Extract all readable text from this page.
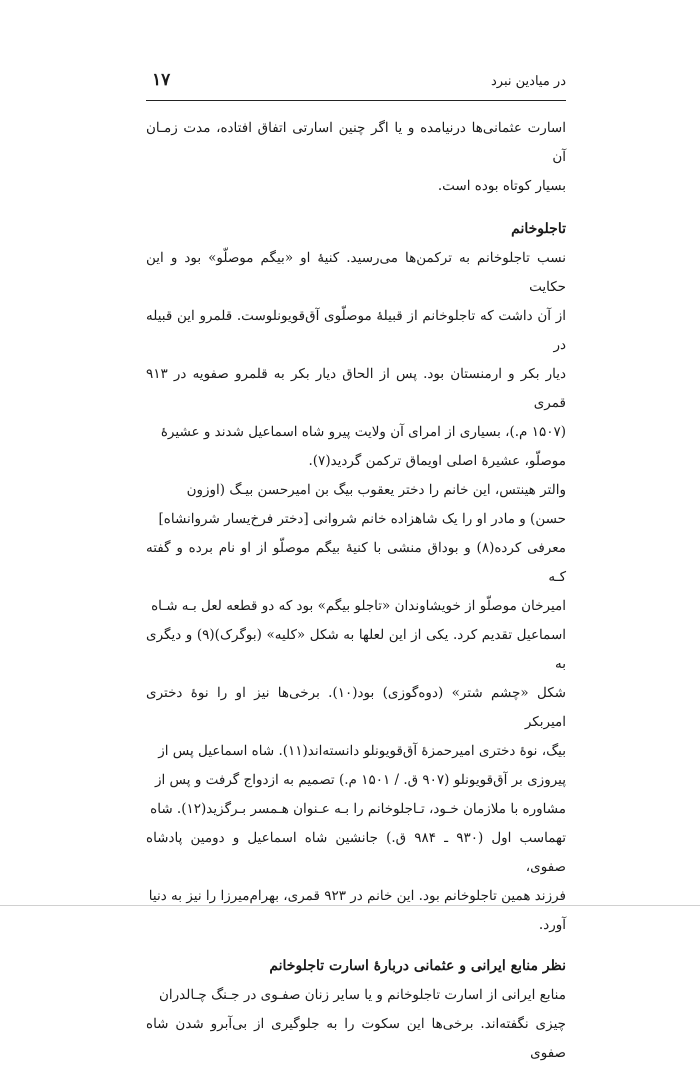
در میادین نبرد
۱۷

اسارت عثمانی‌ها درنیامده و یا اگر چنین اسارتی اتفاق افتاده، مدت زمـان آن

بسیار کوتاه بوده است.

تاجلوخانم

نسب تاجلوخانم به ترکمن‌ها می‌رسید. کنیهٔ او «بیگم موصلّو» بود و این حکایت

از آن داشت که تاجلوخانم از قبیلهٔ موصلّوی آق‌قویونلوست. قلمرو این قبیله در

دیار بکر و ارمنستان بود. پس از الحاق دیار بکر به قلمرو صفویه در ۹۱۳ قمری

(۱۵۰۷ م.)، بسیاری از امرای آن ولایت پیرو شاه اسماعیل شدند و عشیرهٔ

موصلّو، عشیرهٔ اصلی اویماق ترکمن گردید(۷).

والتر هینتس، این خانم را دختر یعقوب بیگ بن امیرحسن بیـگ (اوزون

حسن) و مادر او را یک شاهزاده خانم شروانی [دختر فرخ‌یسار شروانشاه]

معرفی کرده(۸) و بوداق منشی با کنیهٔ بیگم موصلّو از او نام برده و گفته کـه

امیرخان موصلّو از خویشاوندان «تاجلو بیگم» بود که دو قطعه لعل بـه شـاه

اسماعیل تقدیم کرد. یکی از این لعلها به شکل «کلیه» (بوگرک)(۹) و دیگری به

شکل «چشم شتر» (دوه‌گوزی) بود(۱۰). برخی‌ها نیز او را نوهٔ دختری امیربکر

بیگ، نوهٔ دختری امیرحمزهٔ آق‌قویونلو دانسته‌اند(۱۱). شاه اسماعیل پس از

پیروزی بر آق‌قویونلو (۹۰۷ ق. / ۱۵۰۱ م.) تصمیم به ازدواج گرفت و پس از

مشاوره با ملازمان خـود، تـاجلوخانم را بـه عـنوان هـمسر بـرگزید(۱۲). شاه

تهماسب اول (۹۳۰ ـ ۹۸۴ ق.) جانشین شاه اسماعیل و دومین پادشاه صفوی،

فرزند همین تاجلوخانم بود. این خانم در ۹۲۳ قمری، بهرام‌میرزا را نیز به دنیا

آورد.

نظر منابع ایرانی و عثمانی دربارهٔ اسارت تاجلوخانم

منابع ایرانی از اسارت تاجلوخانم و یا سایر زنان صفـوی در جـنگ چـالدران

چیزی نگفته‌اند. برخی‌ها این سکوت را به جلوگیری از بی‌آبرو شدن شاه صفوی
